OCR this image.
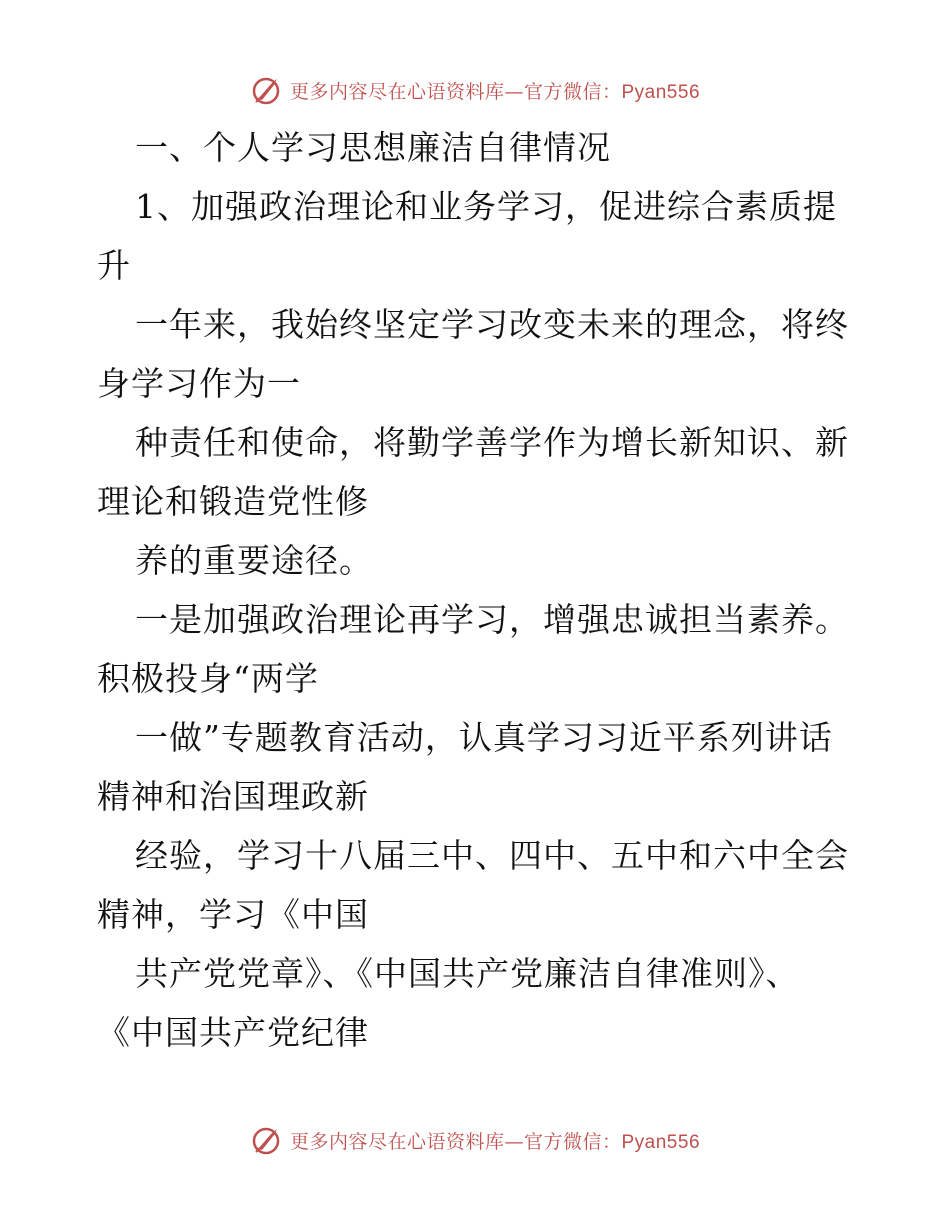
更多内容尽在心语资料库—官方微信：Pyan556
一、个人学习思想廉洁自律情况
1、加强政治理论和业务学习，促进综合素质提
升
一年来，我始终坚定学习改变未来的理念，将终
身学习作为一
种责任和使命，将勤学善学作为增长新知识、新
理论和锻造党性修
养的重要途径。
一是加强政治理论再学习，增强忠诚担当素养。
积极投身“两学
一做”专题教育活动，认真学习习近平系列讲话
精神和治国理政新
经验，学习十八届三中、四中、五中和六中全会
精神，学习《中国
共产党党章》、《中国共产党廉洁自律准则》、
《中国共产党纪律
更多内容尽在心语资料库—官方微信：Pyan556
